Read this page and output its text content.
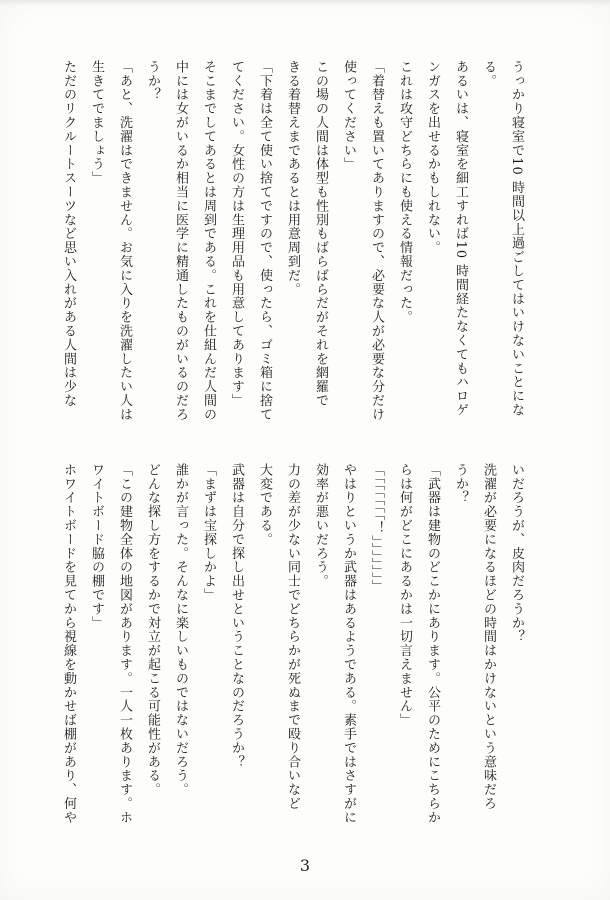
うっかり寝室で10 時間以上過ごしてはいけないことにな
る。
あるいは、寝室を細工すれば10 時間経たなくてもハロゲ
ンガスを出せるかもしれない。
これは攻守どちらにも使える情報だった。
「着替えも置いてありますので、必要な人が必要な分だけ
使ってください」
この場の人間は体型も性別もばらばらだがそれを網羅で
きる着替えまであるとは用意周到だ。
「下着は全て使い捨てですので、使ったら、ゴミ箱に捨て
てください。女性の方は生理用品も用意してあります」
そこまでしてあるとは周到である。これを仕組んだ人間の
中には女がいるか相当に医学に精通したものがいるのだろ
うか？
「あと、洗濯はできません。お気に入りを洗濯したい人は
生きてでましょう」
ただのリクルートスーツなど思い入れがある人間は少な
いだろうが、皮肉だろうか？
洗濯が必要になるほどの時間はかけないという意味だろ
うか？
「武器は建物のどこかにあります。公平のためにこちらか
らは何がどこにあるかは一切言えません」
「「「「「「「！」」」」」」」
やはりというか武器はあるようである。素手ではさすがに
効率が悪いだろう。
力の差が少ない同士でどちらかが死ぬまで殴り合いなど
大変である。
武器は自分で探し出せということなのだろうか？
「まずは宝探しかよ」
誰かが言った。そんなに楽しいものではないだろう。
どんな探し方をするかで対立が起こる可能性がある。
「この建物全体の地図があります。一人一枚あります。ホ
ワイトボード脇の棚です」
ホワイトボードを見てから視線を動かせば棚があり、何や
3
